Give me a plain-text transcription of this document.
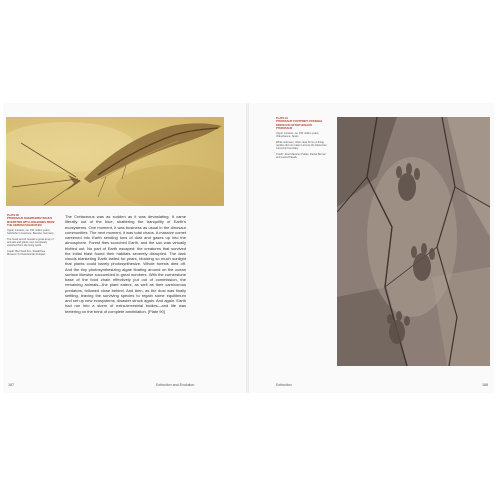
PLATE 90
PTEROSAUR RHAMPHORHYNCHUS MUENSTERI WITH JAW-BONES FROM THE GERMAN SOLNHOFEN
Upper Jurassic, ca. 150 million years; Solnhofen Limestone, Bavaria, Germany
The fossil record reveals a great array of animals and plants now completely vanished from the living world.
Credit: Bernhard Fox, Staatliches Museum für Naturkunde Stuttgart

The Cretaceous was as sudden as it was devastating. It came literally out of the blue, shattering the tranquility of Earth's ecosystems. One moment, it was business as usual in the dinosaur communities. The next moment, it was total chaos. A massive comet careened into Earth sending tons of dust and gases up into the atmosphere. Forest fires scorched Earth, and the sun was virtually blotted out. No part of Earth escaped: the creatures that survived the initial blast found their habitats severely disrupted. The dark clouds blanketing Earth lasted for years, blocking so much sunlight that plants could barely photosynthesize. Whole forests died off. And the tiny photosynthesizing algae floating around on the ocean surface likewise succumbed in great numbers. With the cornerstone base of the food chain effectively put out of commission, the remaining animals—the plant eaters, as well as their carnivorous predators, followed close behind. And then, as the dust was finally settling, leaving the surviving species to regain some equilibrium and set up new ecosystems, disaster struck again. And again. Earth had run into a storm of extra-terrestrial bodies—and life was teetering on the brink of complete annihilation. [Plate 90]

PLATE 91
PTEROSAUR FOOTPRINT, POSSIBLE DINOSAUR OR DOTHOSAUR PTEROSAUR
Upper Jurassic, ca. 150 million years; Villeurbanne, Spain
While unknown, other clear forms of living reptiles did not make it across the Mesozoic-Cenozoic boundary.
Credit: José Martínez Pallas, Daniel Bernal and Laura Plasals
187	Extinction and Evolution	Extinction	188
